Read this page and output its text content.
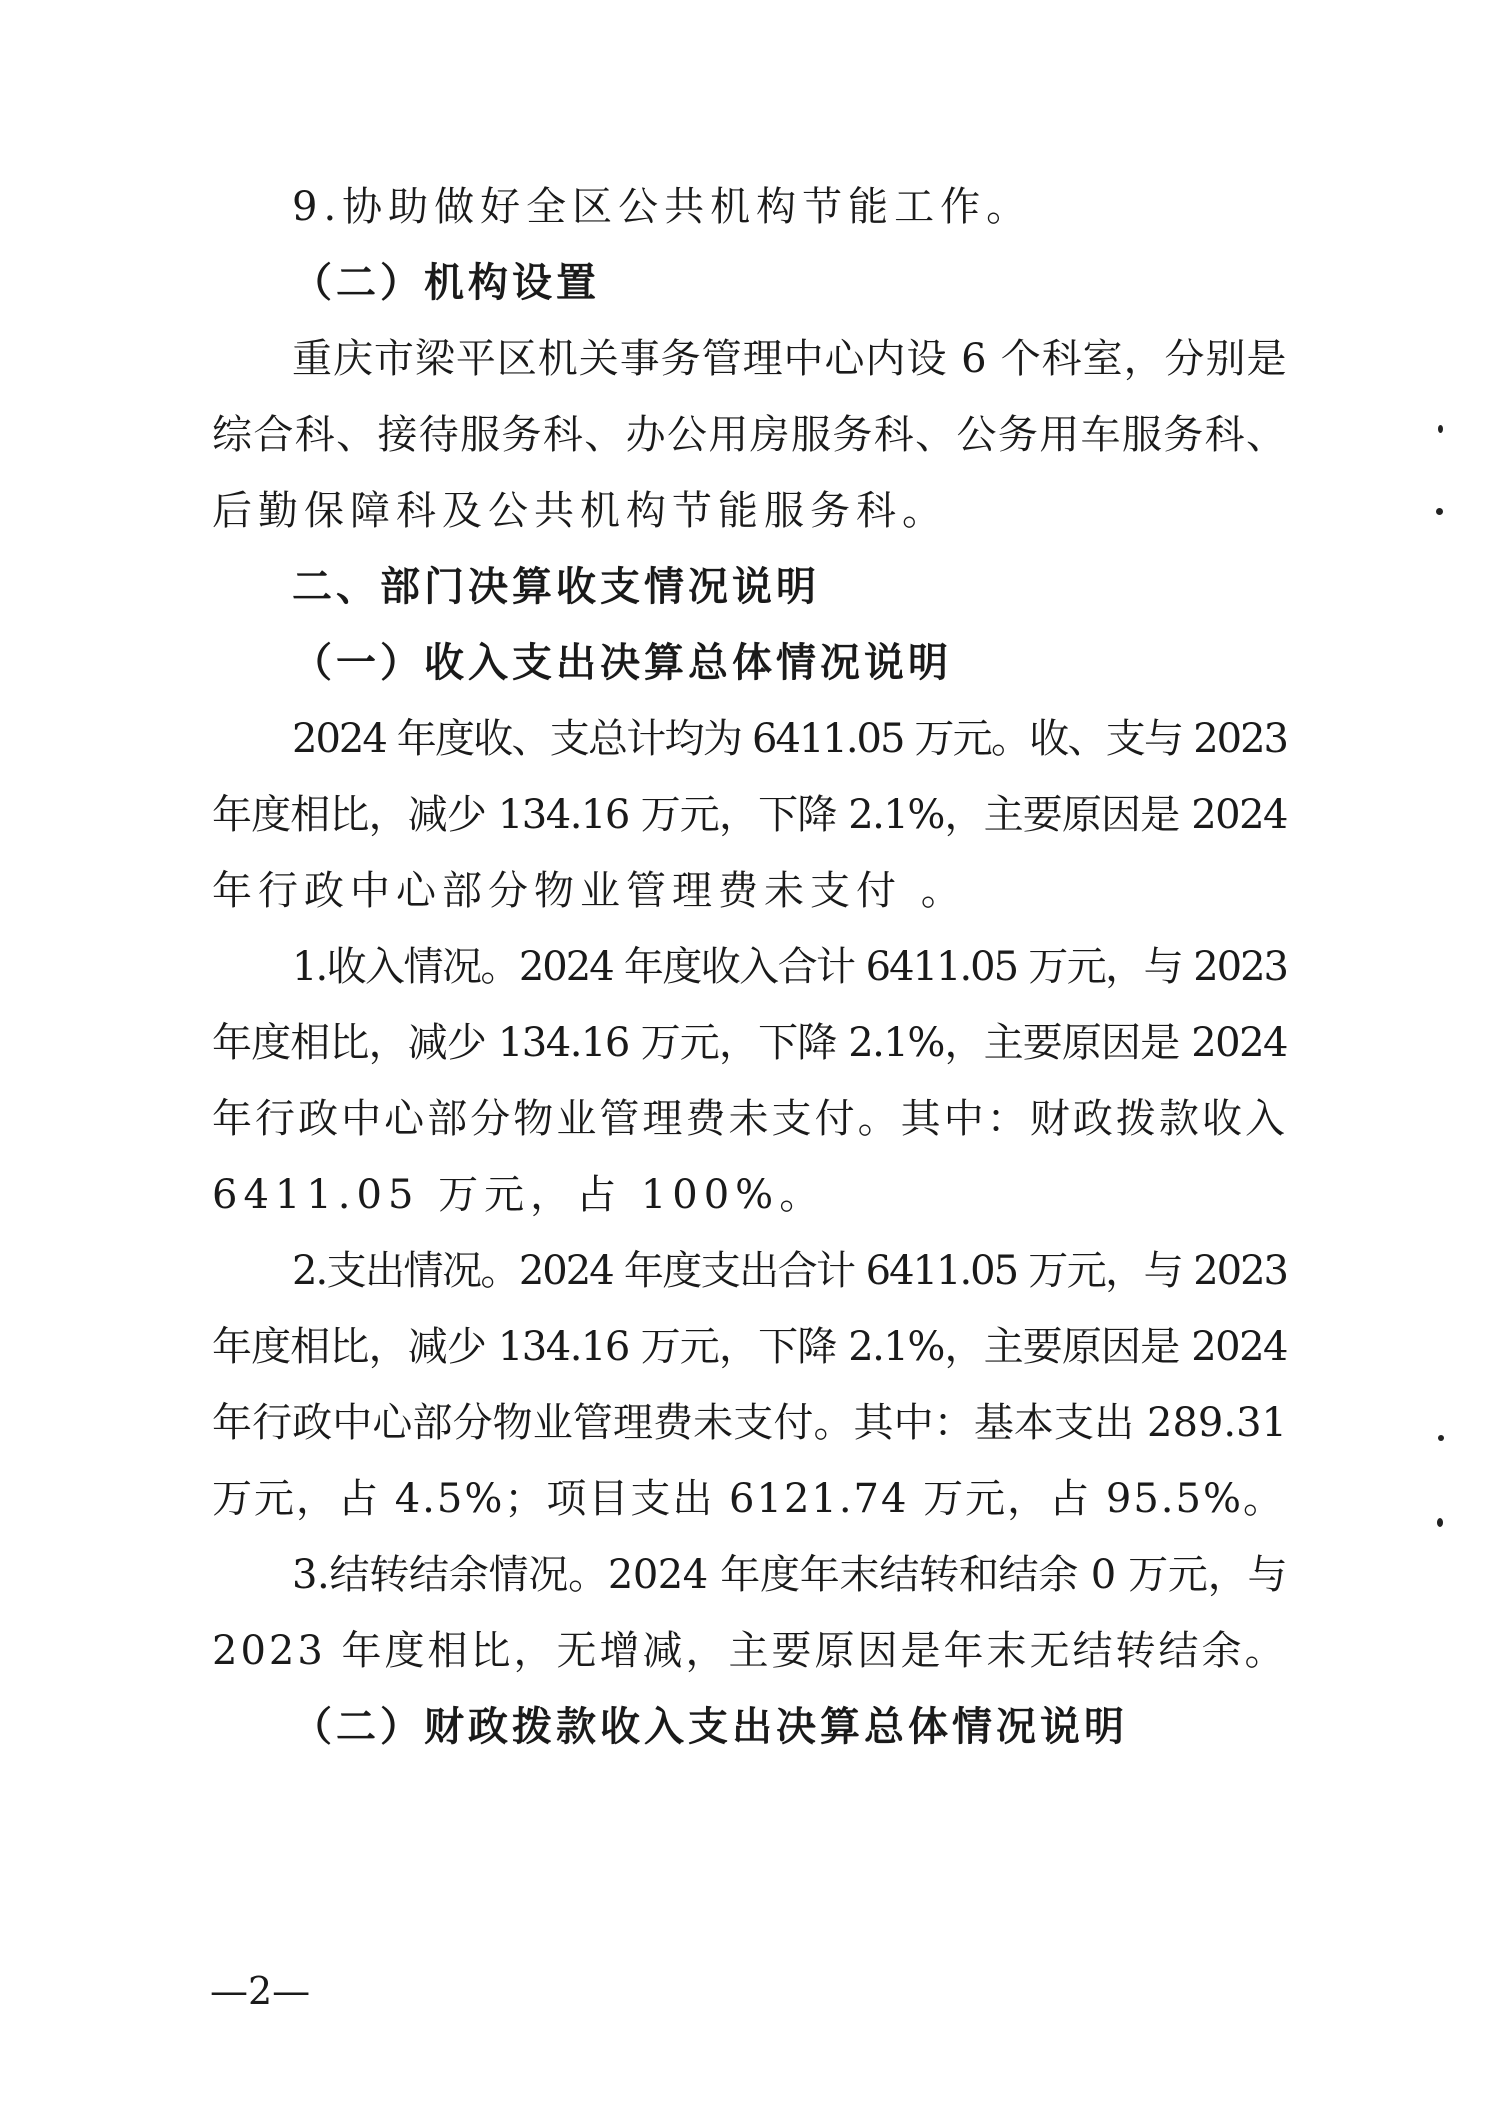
9.协助做好全区公共机构节能工作。
（二）机构设置
重庆市梁平区机关事务管理中心内设 6 个科室，分别是
综合科、接待服务科、办公用房服务科、公务用车服务科、
后勤保障科及公共机构节能服务科。
二、部门决算收支情况说明
（一）收入支出决算总体情况说明
2024 年度收、支总计均为 6411.05 万元。收、支与 2023
年度相比，减少 134.16 万元，下降 2.1%，主要原因是 2024
年行政中心部分物业管理费未支付 。
1.收入情况。2024 年度收入合计 6411.05 万元，与 2023
年度相比，减少 134.16 万元，下降 2.1%，主要原因是 2024
年行政中心部分物业管理费未支付。其中：财政拨款收入
6411.05 万元，占 100%。
2.支出情况。2024 年度支出合计 6411.05 万元，与 2023
年度相比，减少 134.16 万元，下降 2.1%，主要原因是 2024
年行政中心部分物业管理费未支付。其中：基本支出 289.31
万元，占 4.5%；项目支出 6121.74 万元，占 95.5%。
3.结转结余情况。2024 年度年末结转和结余 0 万元，与
2023 年度相比，无增减，主要原因是年末无结转结余。
（二）财政拨款收入支出决算总体情况说明
—2—
